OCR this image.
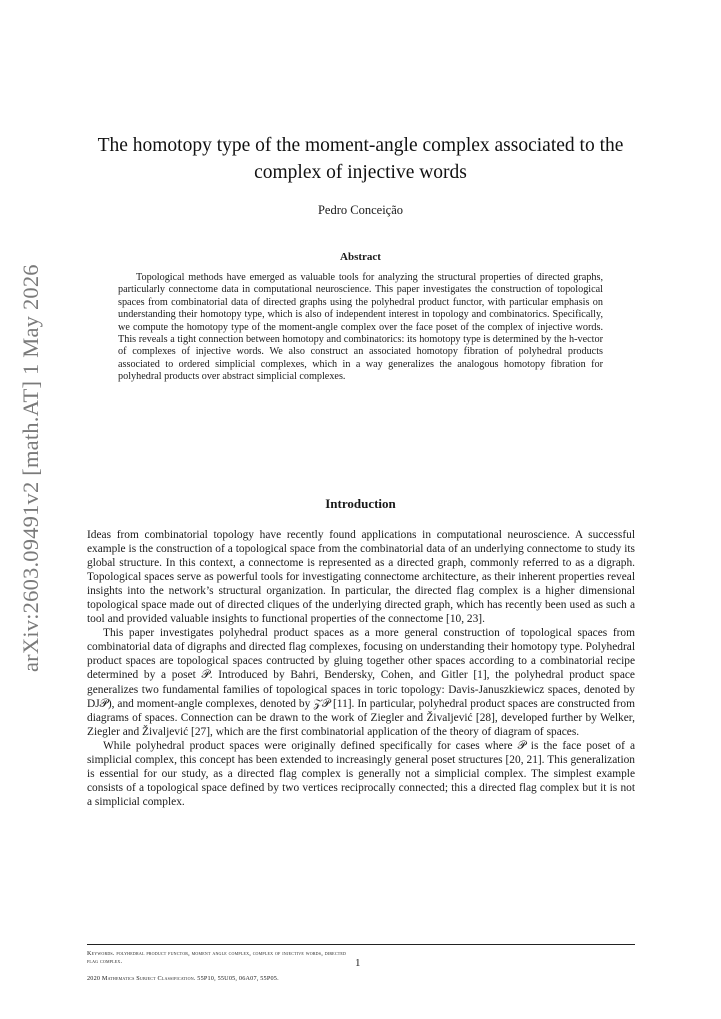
arXiv:2603.09491v2 [math.AT] 1 May 2026
The homotopy type of the moment-angle complex associated to the complex of injective words
Pedro Conceição
Abstract
Topological methods have emerged as valuable tools for analyzing the structural properties of directed graphs, particularly connectome data in computational neuroscience. This paper investigates the construction of topological spaces from combinatorial data of directed graphs using the polyhedral product functor, with particular emphasis on understanding their homotopy type, which is also of independent interest in topology and combinatorics. Specifically, we compute the homotopy type of the moment-angle complex over the face poset of the complex of injective words. This reveals a tight connection between homotopy and combinatorics: its homotopy type is determined by the h-vector of complexes of injective words. We also construct an associated homotopy fibration of polyhedral products associated to ordered simplicial complexes, which in a way generalizes the analogous homotopy fibration for polyhedral products over abstract simplicial complexes.
Introduction

Ideas from combinatorial topology have recently found applications in computational neuroscience. A successful example is the construction of a topological space from the combinatorial data of an underlying connectome to study its global structure. In this context, a connectome is represented as a directed graph, commonly referred to as a digraph. Topological spaces serve as powerful tools for investigating connectome architecture, as their inherent properties reveal insights into the network’s structural organization. In particular, the directed flag complex is a higher dimensional topological space made out of directed cliques of the underlying directed graph, which has recently been used as such a tool and provided valuable insights to functional properties of the connectome [10, 23].

This paper investigates polyhedral product spaces as a more general construction of topological spaces from combinatorial data of digraphs and directed flag complexes, focusing on understanding their homotopy type. Polyhedral product spaces are topological spaces contructed by gluing together other spaces according to a combinatorial recipe determined by a poset 𝒫. Introduced by Bahri, Bendersky, Cohen, and Gitler [1], the polyhedral product space generalizes two fundamental families of topological spaces in toric topology: Davis-Januszkiewicz spaces, denoted by DJ𝒫), and moment-angle complexes, denoted by 𝒵𝒫 [11]. In particular, polyhedral product spaces are constructed from diagrams of spaces. Connection can be drawn to the work of Ziegler and Živaljević [28], developed further by Welker, Ziegler and Živaljević [27], which are the first combinatorial application of the theory of diagram of spaces.

While polyhedral product spaces were originally defined specifically for cases where 𝒫 is the face poset of a simplicial complex, this concept has been extended to increasingly general poset structures [20, 21]. This generalization is essential for our study, as a directed flag complex is generally not a simplicial complex. The simplest example consists of a topological space defined by two vertices reciprocally connected; this a directed flag complex but it is not a simplicial complex.

Keywords. polyhedral product functor, moment angle complex, complex of injective words, directed flag complex.	1
2020 Mathematics Subject Classification. 55P10, 55U05, 06A07, 55P05.
